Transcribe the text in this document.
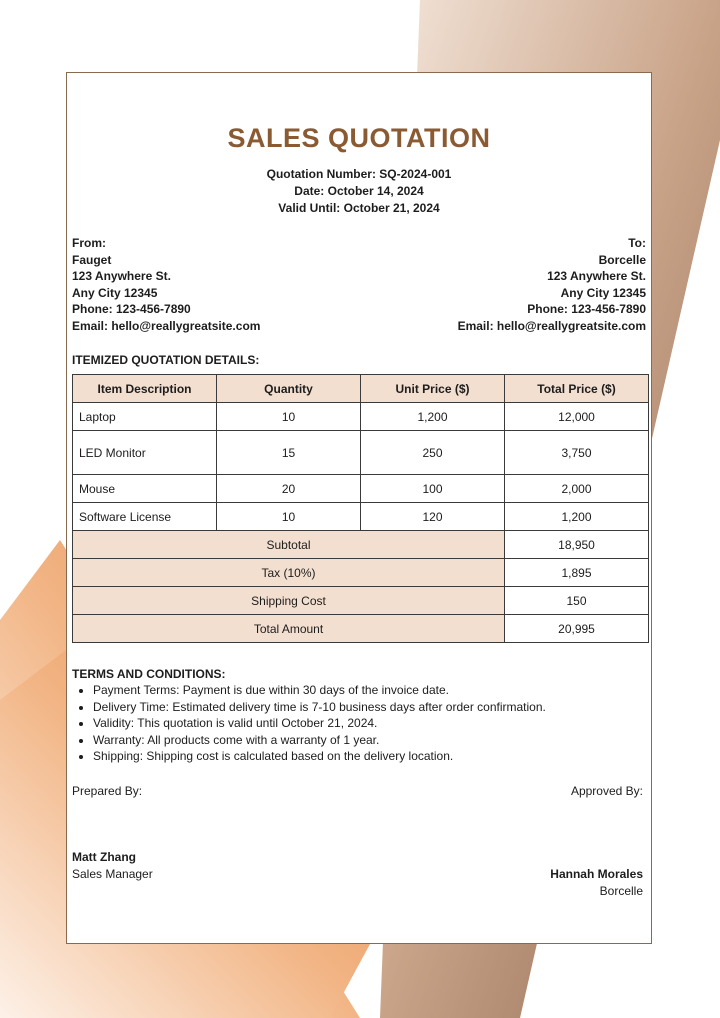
SALES QUOTATION
Quotation Number: SQ-2024-001
Date: October 14, 2024
Valid Until: October 21, 2024
From:
Fauget
123 Anywhere St.
Any City 12345
Phone: 123-456-7890
Email: hello@reallygreatsite.com
To:
Borcelle
123 Anywhere St.
Any City 12345
Phone: 123-456-7890
Email: hello@reallygreatsite.com
ITEMIZED QUOTATION DETAILS:
Item Description	Quantity	Unit Price ($)	Total Price ($)
Laptop	10	1,200	12,000
LED Monitor	15	250	3,750
Mouse	20	100	2,000
Software License	10	120	1,200
Subtotal			18,950
Tax (10%)			1,895
Shipping Cost			150
Total Amount			20,995
TERMS AND CONDITIONS:
• Payment Terms: Payment is due within 30 days of the invoice date.
• Delivery Time: Estimated delivery time is 7-10 business days after order confirmation.
• Validity: This quotation is valid until October 21, 2024.
• Warranty: All products come with a warranty of 1 year.
• Shipping: Shipping cost is calculated based on the delivery location.
Prepared By:	Approved By:
Matt Zhang
Sales Manager	Hannah Morales
Borcelle
